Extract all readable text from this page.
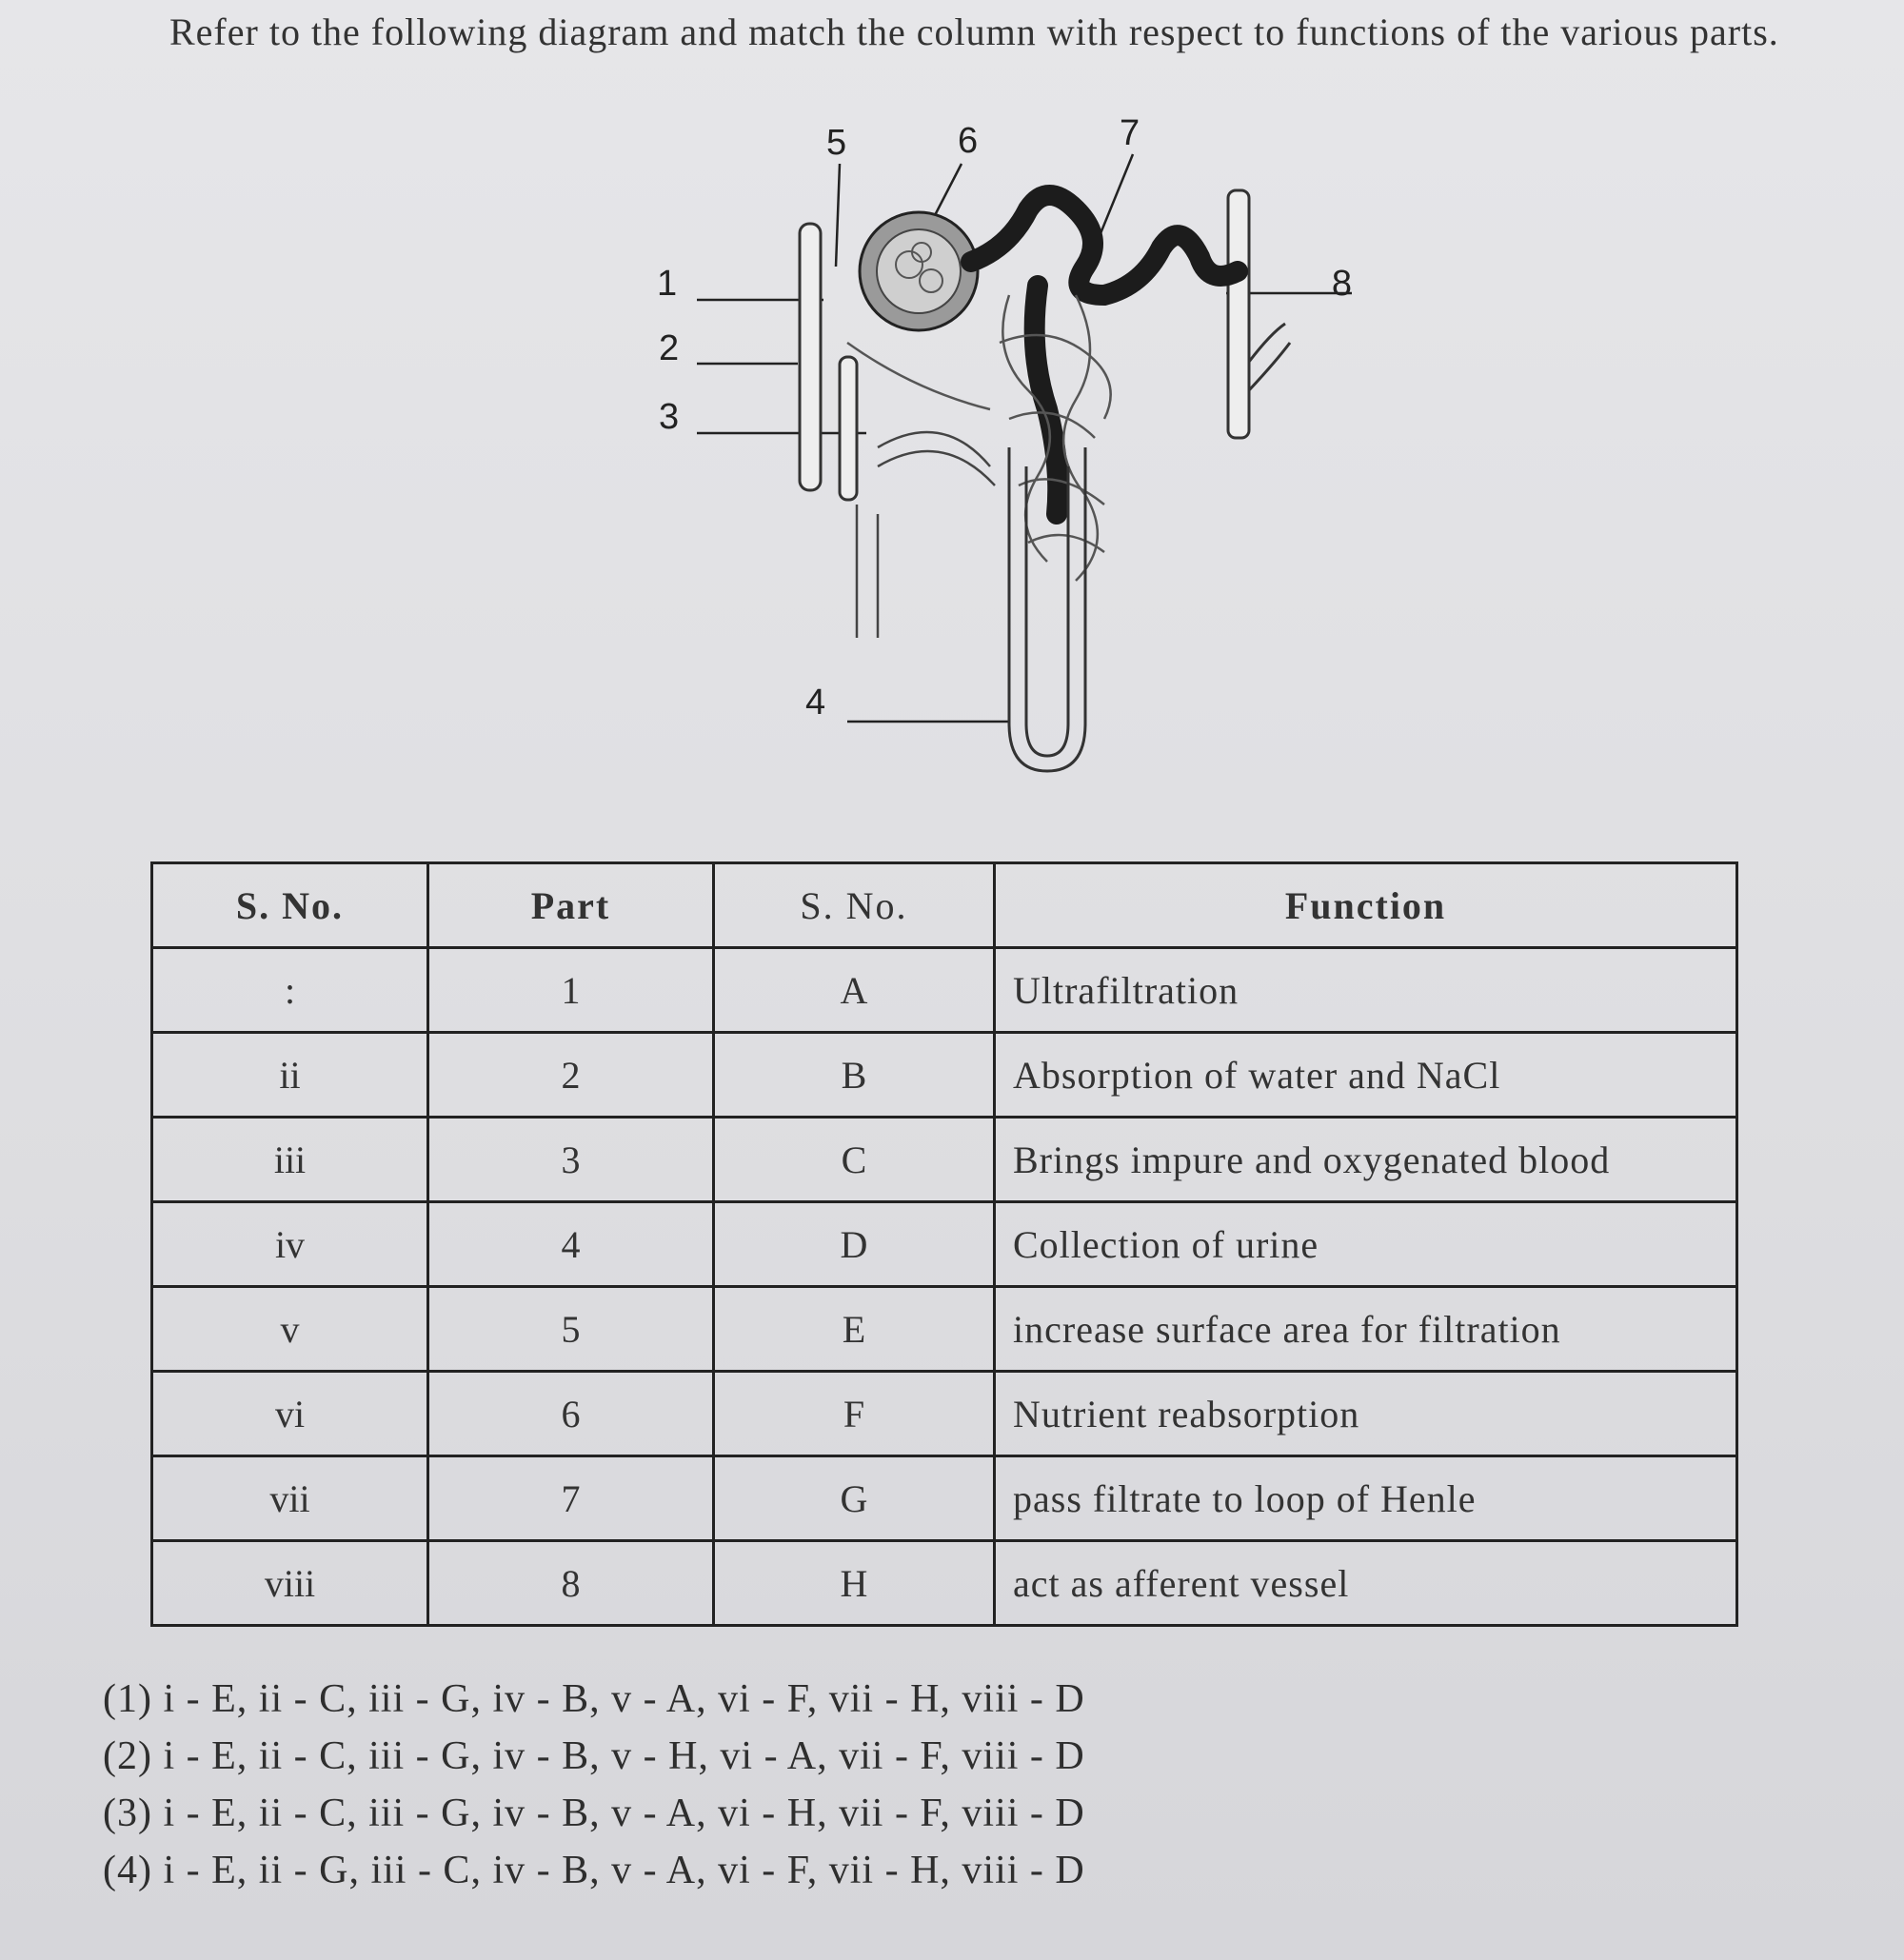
Refer to the following diagram and match the column with respect to functions of the various parts.
1
2
3
4
5	6	7
8
S. No.	Part	S. No.	Function
:	1	A	Ultrafiltration
ii	2	B	Absorption of water and NaCl
iii	3	C	Brings impure and oxygenated blood
iv	4	D	Collection of urine
v	5	E	increase surface area for filtration
vi	6	F	Nutrient reabsorption
vii	7	G	pass filtrate to loop of Henle
viii	8	H	act as afferent vessel
(1) i - E, ii - C, iii - G, iv - B, v - A, vi - F, vii - H, viii - D
(2) i - E, ii - C, iii - G, iv - B, v - H, vi - A, vii - F, viii - D
(3) i - E, ii - C, iii - G, iv - B, v - A, vi - H, vii - F, viii - D
(4) i - E, ii - G, iii - C, iv - B, v - A, vi - F, vii - H, viii - D
